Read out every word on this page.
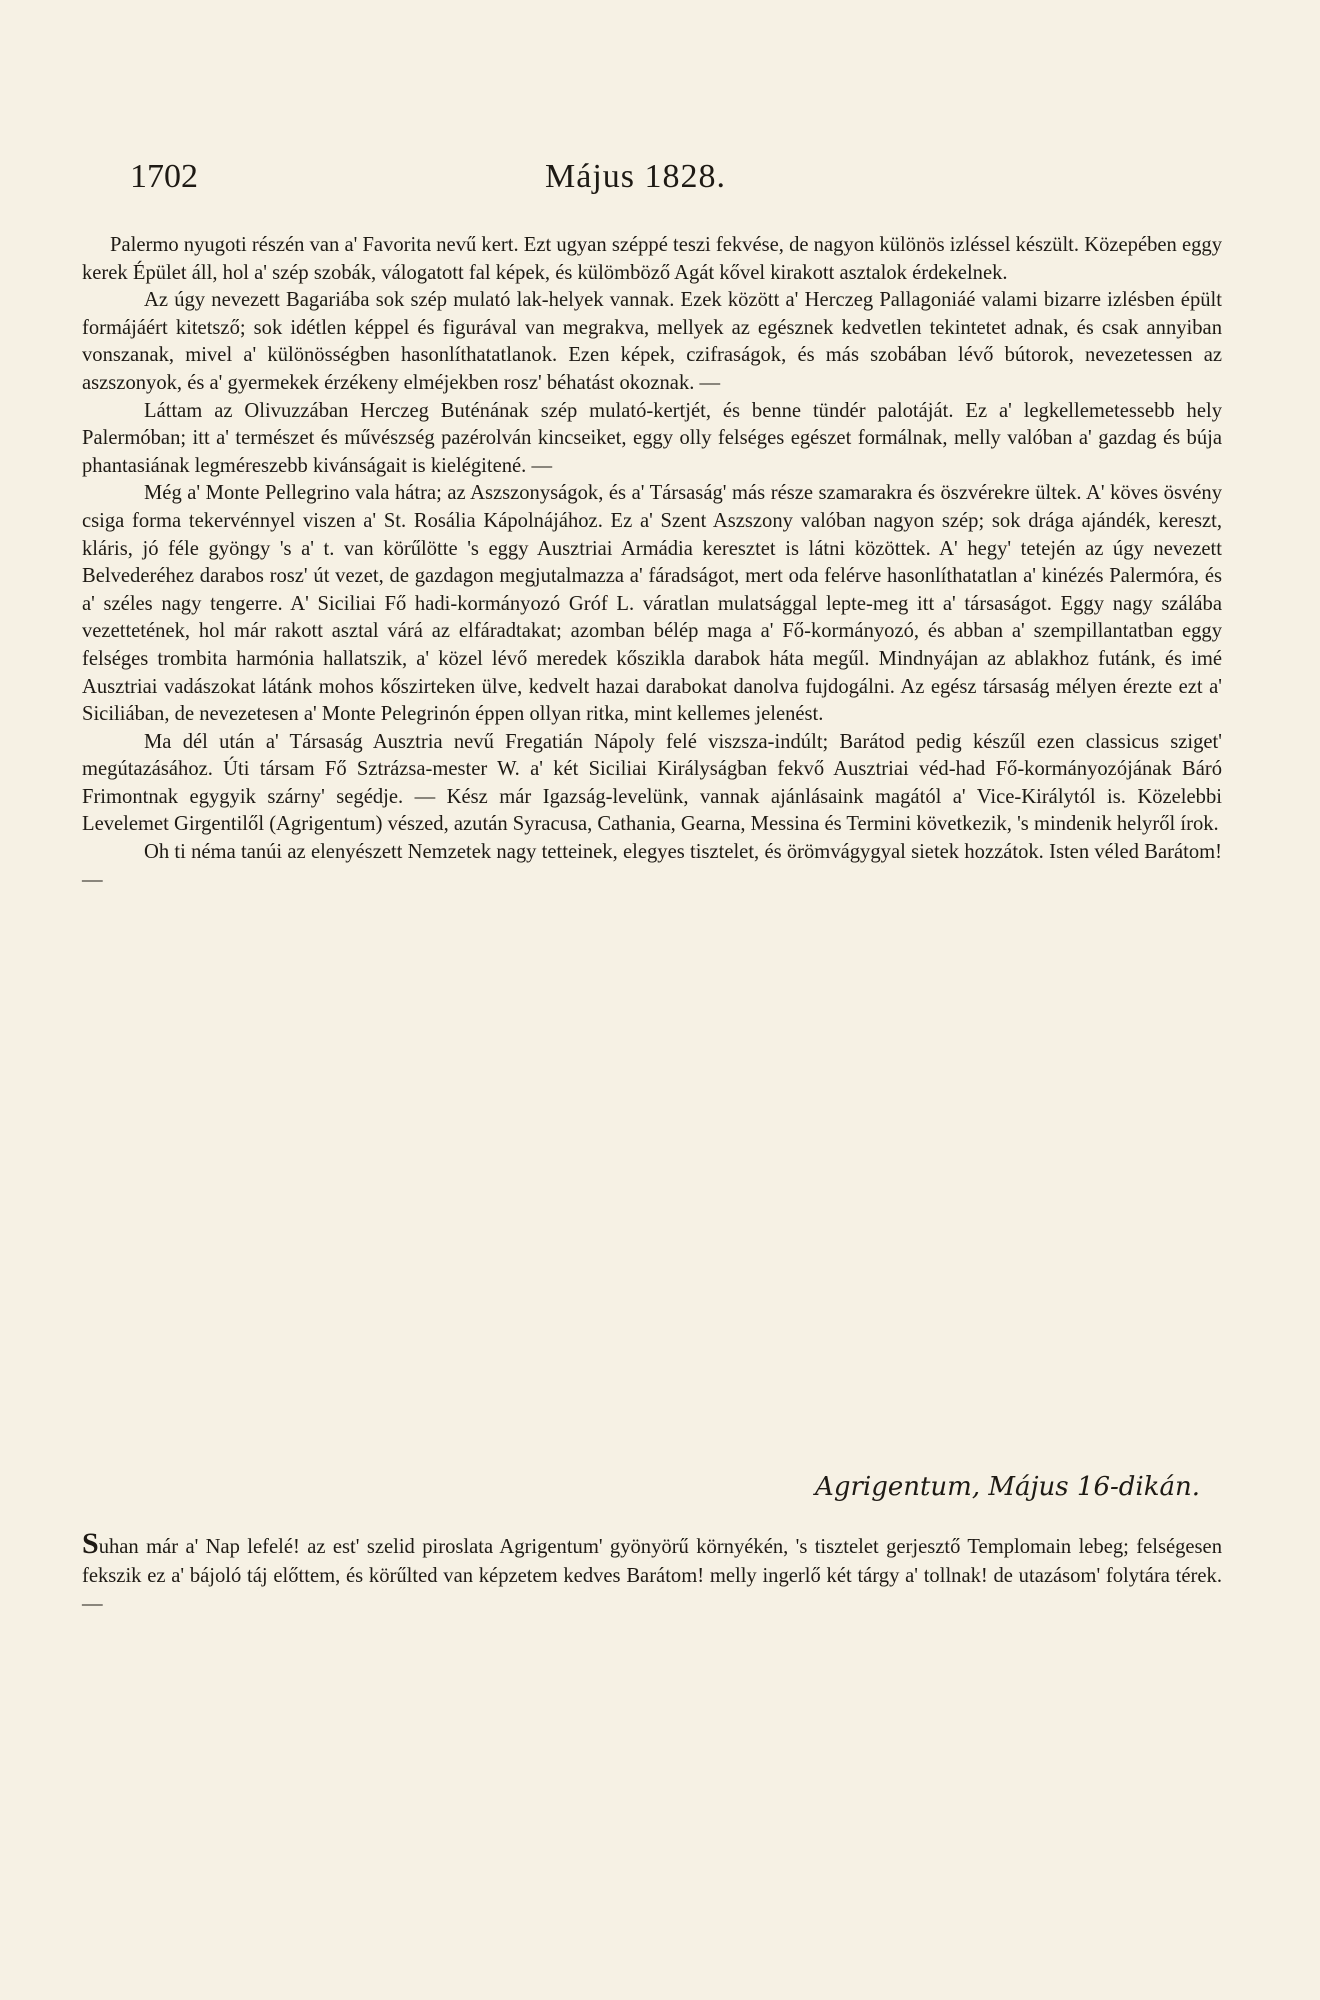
1702	Május 1828.

Palermo nyugoti részén van a' Favorita nevű kert. Ezt ugyan széppé teszi fekvése, de nagyon különös izléssel készült. Közepében eggy kerek Épület áll, hol a' szép szobák, válogatott fal képek, és külömböző Agát kővel kirakott asztalok érdekelnek.

Az úgy nevezett Bagariába sok szép mulató lak-helyek vannak. Ezek között a' Herczeg Pallagoniáé valami bizarre izlésben épült formájáért kitetsző; sok idétlen képpel és figurával van megrakva, mellyek az egésznek kedvetlen tekintetet adnak, és csak annyiban vonszanak, mivel a' különösségben hasonlíthatatlanok. Ezen képek, czifraságok, és más szobában lévő bútorok, nevezetessen az aszszonyok, és a' gyermekek érzékeny elméjekben rosz' béhatást okoznak. —

Láttam az Olivuzzában Herczeg Buténának szép mulató-kertjét, és benne tündér palotáját. Ez a' legkellemetessebb hely Palermóban; itt a' természet és művészség pazérolván kincseiket, eggy olly felséges egészet formálnak, melly valóban a' gazdag és búja phantasiának legméreszebb kivánságait is kielégitené. —

Még a' Monte Pellegrino vala hátra; az Aszszonyságok, és a' Társaság' más része szamarakra és öszvérekre ültek. A' köves ösvény csiga forma tekervénnyel viszen a' St. Rosália Kápolnájához. Ez a' Szent Aszszony valóban nagyon szép; sok drága ajándék, kereszt, kláris, jó féle gyöngy 's a' t. van körűlötte 's eggy Ausztriai Armádia keresztet is látni közöttek. A' hegy' tetején az úgy nevezett Belvederéhez darabos rosz' út vezet, de gazdagon megjutalmazza a' fáradságot, mert oda felérve hasonlíthatatlan a' kinézés Palermóra, és a' széles nagy tengerre. A' Siciliai Fő hadi-kormányozó Gróf L. váratlan mulatsággal lepte-meg itt a' társaságot. Eggy nagy szálába vezettetének, hol már rakott asztal várá az elfáradtakat; azomban bélép maga a' Fő-kormányozó, és abban a' szempillantatban eggy felséges trombita harmónia hallatszik, a' közel lévő meredek kőszikla darabok háta megűl. Mindnyájan az ablakhoz futánk, és imé Ausztriai vadászokat látánk mohos kőszirteken ülve, kedvelt hazai darabokat danolva fujdogálni. Az egész társaság mélyen érezte ezt a' Siciliában, de nevezetesen a' Monte Pelegrinón éppen ollyan ritka, mint kellemes jelenést.

Ma dél után a' Társaság Ausztria nevű Fregatián Nápoly felé viszsza-indúlt; Barátod pedig készűl ezen classicus sziget' megútazásához. Úti társam Fő Sztrázsa-mester W. a' két Siciliai Királyságban fekvő Ausztriai véd-had Fő-kormányozójának Báró Frimontnak egygyik szárny' segédje. — Kész már Igazság-levelünk, vannak ajánlásaink magától a' Vice-Királytól is. Közelebbi Levelemet Girgentilől (Agrigentum) vészed, azután Syracusa, Cathania, Gearna, Messina és Termini következik, 's mindenik helyről írok.

Oh ti néma tanúi az elenyészett Nemzetek nagy tetteinek, elegyes tisztelet, és örömvágygyal sietek hozzátok. Isten véled Barátom! —

Agrigentum, Május 16-dikán.
Suhan már a' Nap lefelé! az est' szelid piroslata Agrigentum' gyönyörű környékén, 's tisztelet gerjesztő Templomain lebeg; felségesen fekszik ez a' bájoló táj előttem, és körűlted van képzetem kedves Barátom! melly ingerlő két tárgy a' tollnak! de utazásom' folytára térek. —
